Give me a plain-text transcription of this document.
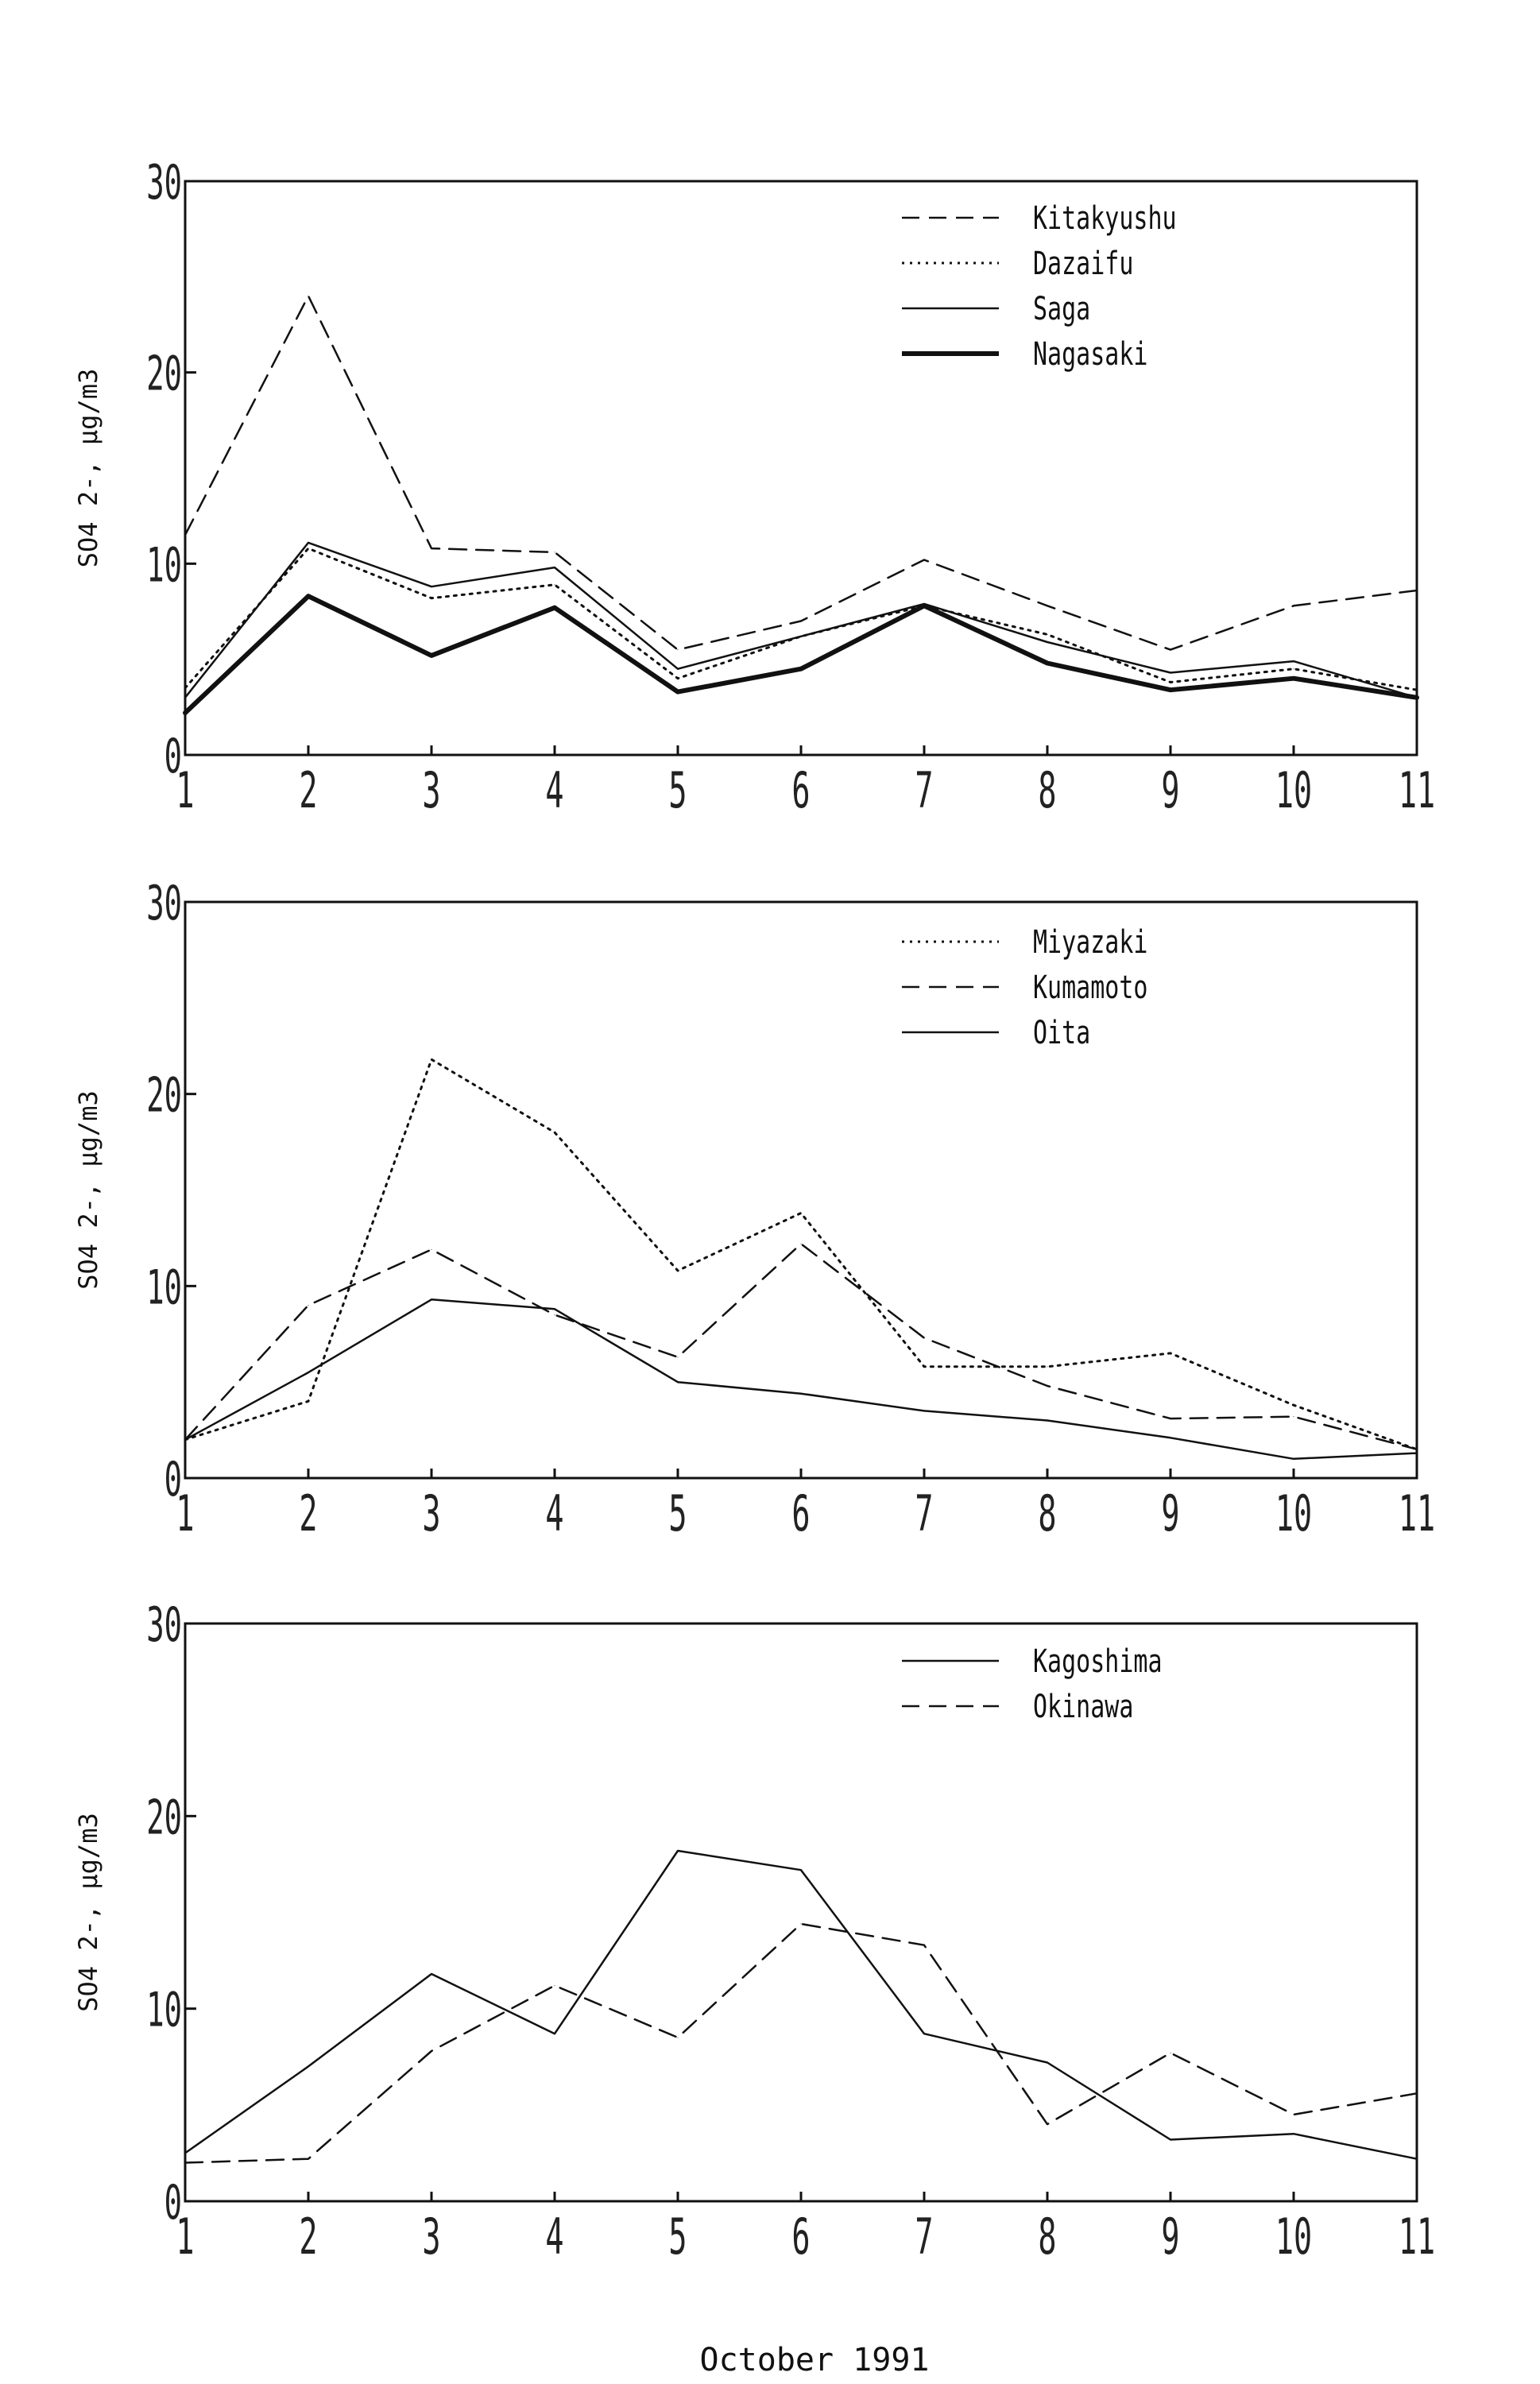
0
10
20
30
1 2 3 4 5 6 7 8 9 10 11
SO4 2-, μg/m3
Kitakyushu
Dazaifu
Saga
Nagasaki
0
10
20
30
1 2 3 4 5 6 7 8 9 10 11
SO4 2-, μg/m3
Miyazaki
Kumamoto
Oita
0
10
20
30
1 2 3 4 5 6 7 8 9 10 11
SO4 2-, μg/m3
Kagoshima
Okinawa
October 1991
